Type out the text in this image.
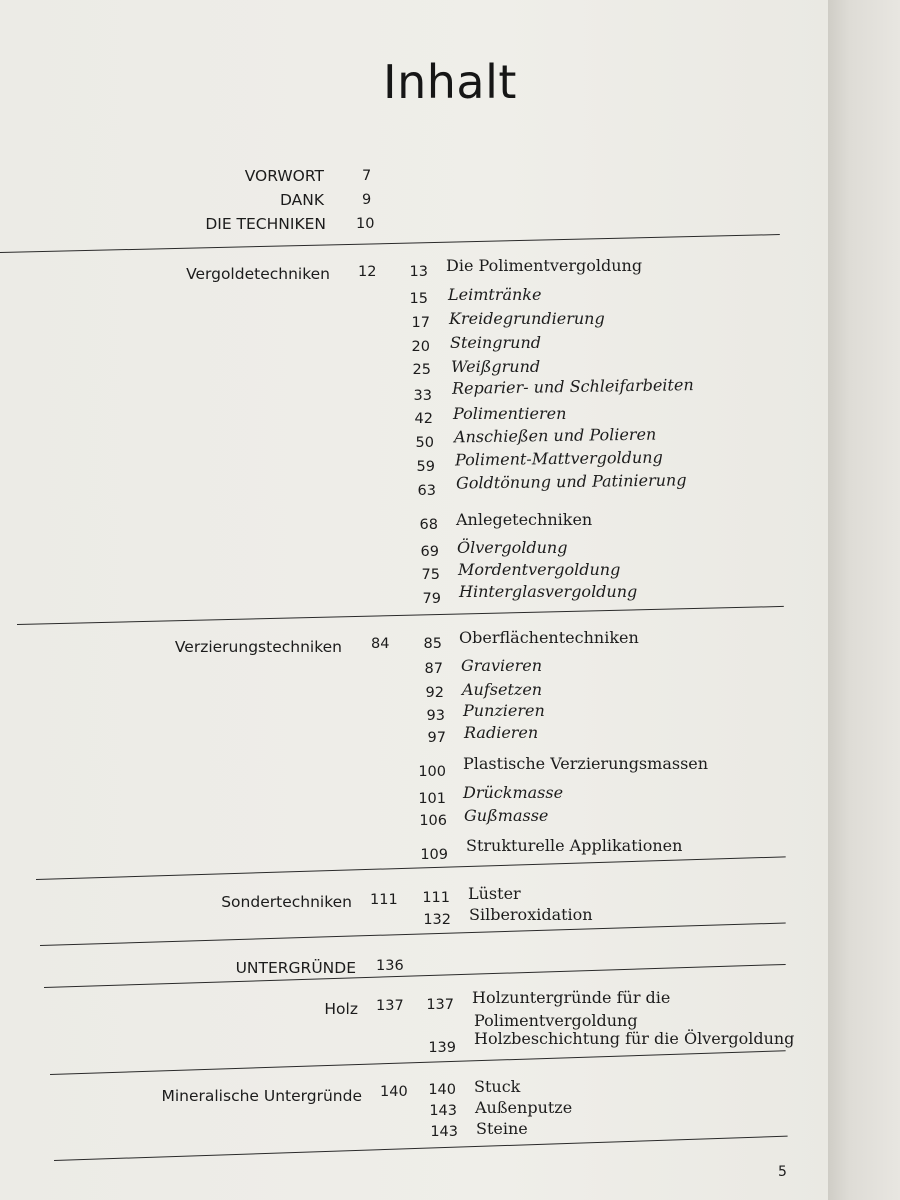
Inhalt
VORWORT	7
DANK	9
DIE TECHNIKEN 10
Vergoldetechniken 12	13 Die Polimentvergoldung
15 Leimtränke
17 Kreidegrundierung
20 Steingrund
25 Weißgrund
33 Reparier- und Schleifarbeiten
42 Polimentieren
50 Anschießen und Polieren
59 Poliment-Mattvergoldung
63 Goldtönung und Patinierung
68 Anlegetechniken
69 Ölvergoldung
75 Mordentvergoldung
79 Hinterglasvergoldung
Verzierungstechniken 84	85 Oberflächentechniken
87 Gravieren
92 Aufsetzen
93 Punzieren
97 Radieren
100 Plastische Verzierungsmassen
101 Drückmasse
106 Gußmasse
109 Strukturelle Applikationen
Sondertechniken 111	111 Lüster
132 Silberoxidation
UNTERGRÜNDE 136
Holz 137	137 Holzuntergründe für die
Polimentvergoldung
139 Holzbeschichtung für die Ölvergoldung
Mineralische Untergründe 140	140 Stuck
143 Außenputze
143 Steine
5
